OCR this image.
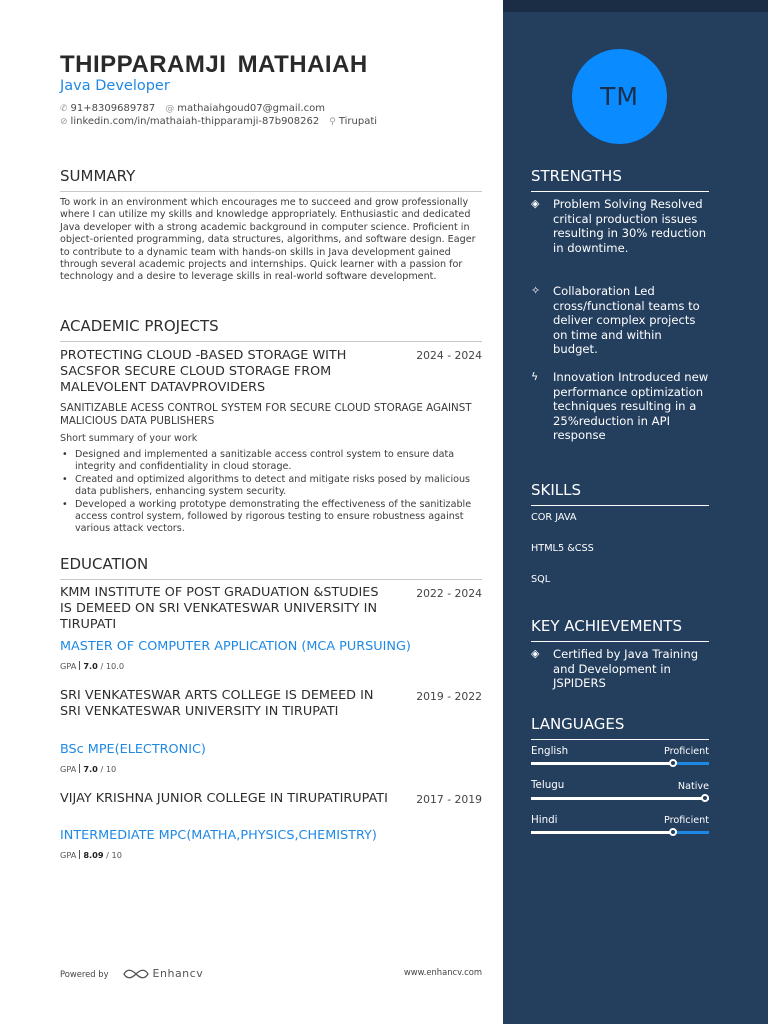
THIPPARAMJI MATHAIAH
Java Developer
✆ 91+8309689787 @ mathaiahgoud07@gmail.com
⊘ linkedin.com/in/mathaiah-thipparamji-87b908262 ⚲ Tirupati
SUMMARY
To work in an environment which encourages me to succeed and grow professionally where I can utilize my skills and knowledge appropriately. Enthusiastic and dedicated Java developer with a strong academic background in computer science. Proficient in object-oriented programming, data structures, algorithms, and software design. Eager to contribute to a dynamic team with hands-on skills in Java development gained through several academic projects and internships. Quick learner with a passion for technology and a desire to leverage skills in real-world software development.
ACADEMIC PROJECTS
PROTECTING CLOUD -BASED STORAGE WITH SACSFOR SECURE CLOUD STORAGE FROM MALEVOLENT DATAVPROVIDERS
2024 - 2024
SANITIZABLE ACESS CONTROL SYSTEM FOR SECURE CLOUD STORAGE AGAINST MALICIOUS DATA PUBLISHERS
Short summary of your work
• Designed and implemented a sanitizable access control system to ensure data integrity and confidentiality in cloud storage.
• Created and optimized algorithms to detect and mitigate risks posed by malicious data publishers, enhancing system security.
• Developed a working prototype demonstrating the effectiveness of the sanitizable access control system, followed by rigorous testing to ensure robustness against various attack vectors.
EDUCATION
KMM INSTITUTE OF POST GRADUATION &STUDIES IS DEMEED ON SRI VENKATESWAR UNIVERSITY IN TIRUPATI
2022 - 2024
MASTER OF COMPUTER APPLICATION (MCA PURSUING)
GPA 7.0 / 10.0
SRI VENKATESWAR ARTS COLLEGE IS DEMEED IN SRI VENKATESWAR UNIVERSITY IN TIRUPATI
2019 - 2022
BSc MPE(ELECTRONIC)
GPA 7.0 / 10
VIJAY KRISHNA JUNIOR COLLEGE IN TIRUPATIRUPATI	2017 - 2019
INTERMEDIATE MPC(MATHA,PHYSICS,CHEMISTRY)
GPA 8.09 / 10
Powered by	Enhancv	www.enhancv.com
TM
STRENGTHS
◈	Problem Solving Resolved critical production issues resulting in 30% reduction in downtime.
✧	Collaboration Led cross/functional teams to deliver complex projects on time and within budget.
ϟ	Innovation Introduced new performance optimization techniques resulting in a 25%reduction in API response
SKILLS
COR JAVA
HTML5 &CSS
SQL
KEY ACHIEVEMENTS
◈	Certified by Java Training and Development in JSPIDERS
LANGUAGES
English	Proficient
Telugu	Native
Hindi	Proficient
